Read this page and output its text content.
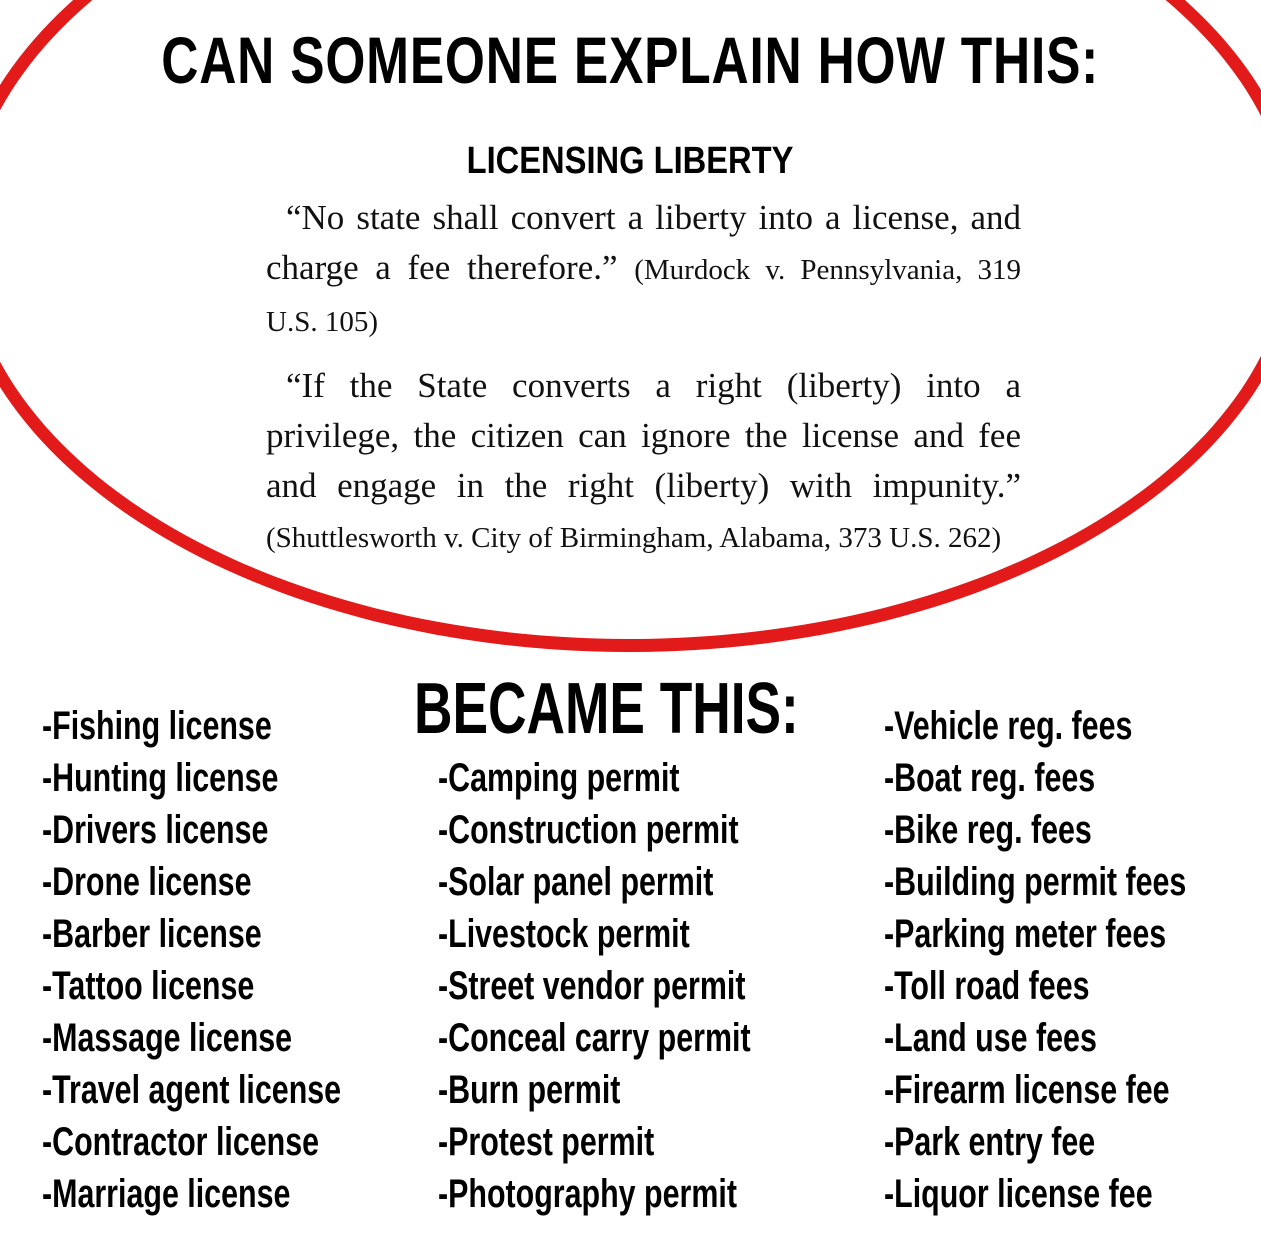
CAN SOMEONE EXPLAIN HOW THIS:
LICENSING LIBERTY

“No state shall convert a liberty into a license, and charge a fee therefore.” (Murdock v. Pennsylvania, 319 U.S. 105)

“If the State converts a right (liberty) into a privilege, the citizen can ignore the license and fee and engage in the right (liberty) with impunity.” (Shuttlesworth v. City of Birmingham, Alabama, 373 U.S. 262)

BECAME THIS:
-Fishing license
-Hunting license
-Drivers license
-Drone license
-Barber license
-Tattoo license
-Massage license
-Travel agent license
-Contractor license
-Marriage license
-Camping permit
-Construction permit
-Solar panel permit
-Livestock permit
-Street vendor permit
-Conceal carry permit
-Burn permit
-Protest permit
-Photography permit
-Vehicle reg. fees
-Boat reg. fees
-Bike reg. fees
-Building permit fees
-Parking meter fees
-Toll road fees
-Land use fees
-Firearm license fee
-Park entry fee
-Liquor license fee
